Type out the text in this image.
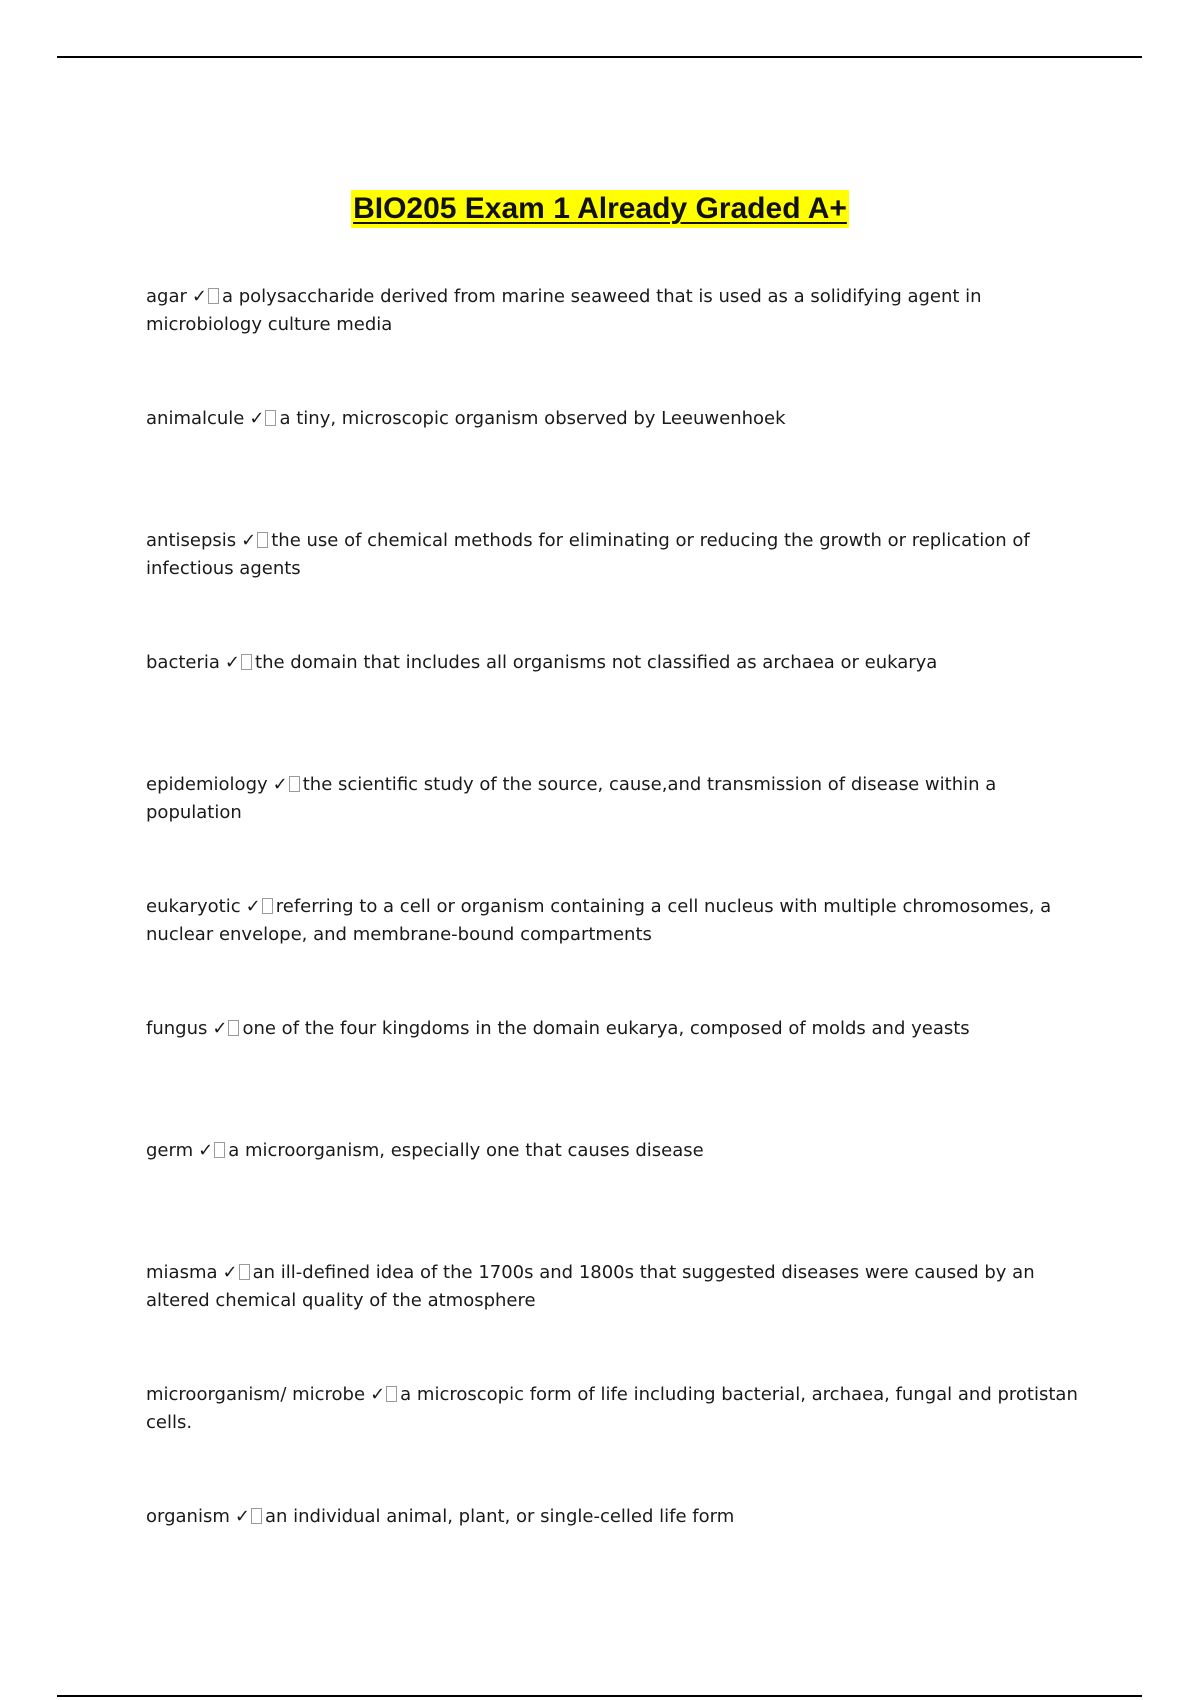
BIO205 Exam 1 Already Graded A+
agar ✓ a polysaccharide derived from marine seaweed that is used as a solidifying agent in microbiology culture media
animalcule ✓ a tiny, microscopic organism observed by Leeuwenhoek
antisepsis ✓ the use of chemical methods for eliminating or reducing the growth or replication of infectious agents
bacteria ✓ the domain that includes all organisms not classified as archaea or eukarya
epidemiology ✓ the scientific study of the source, cause,and transmission of disease within a population
eukaryotic ✓ referring to a cell or organism containing a cell nucleus with multiple chromosomes, a nuclear envelope, and membrane-bound compartments
fungus ✓ one of the four kingdoms in the domain eukarya, composed of molds and yeasts
germ ✓ a microorganism, especially one that causes disease
miasma ✓ an ill-defined idea of the 1700s and 1800s that suggested diseases were caused by an altered chemical quality of the atmosphere
microorganism/ microbe ✓ a microscopic form of life including bacterial, archaea, fungal and protistan cells.
organism ✓ an individual animal, plant, or single-celled life form
